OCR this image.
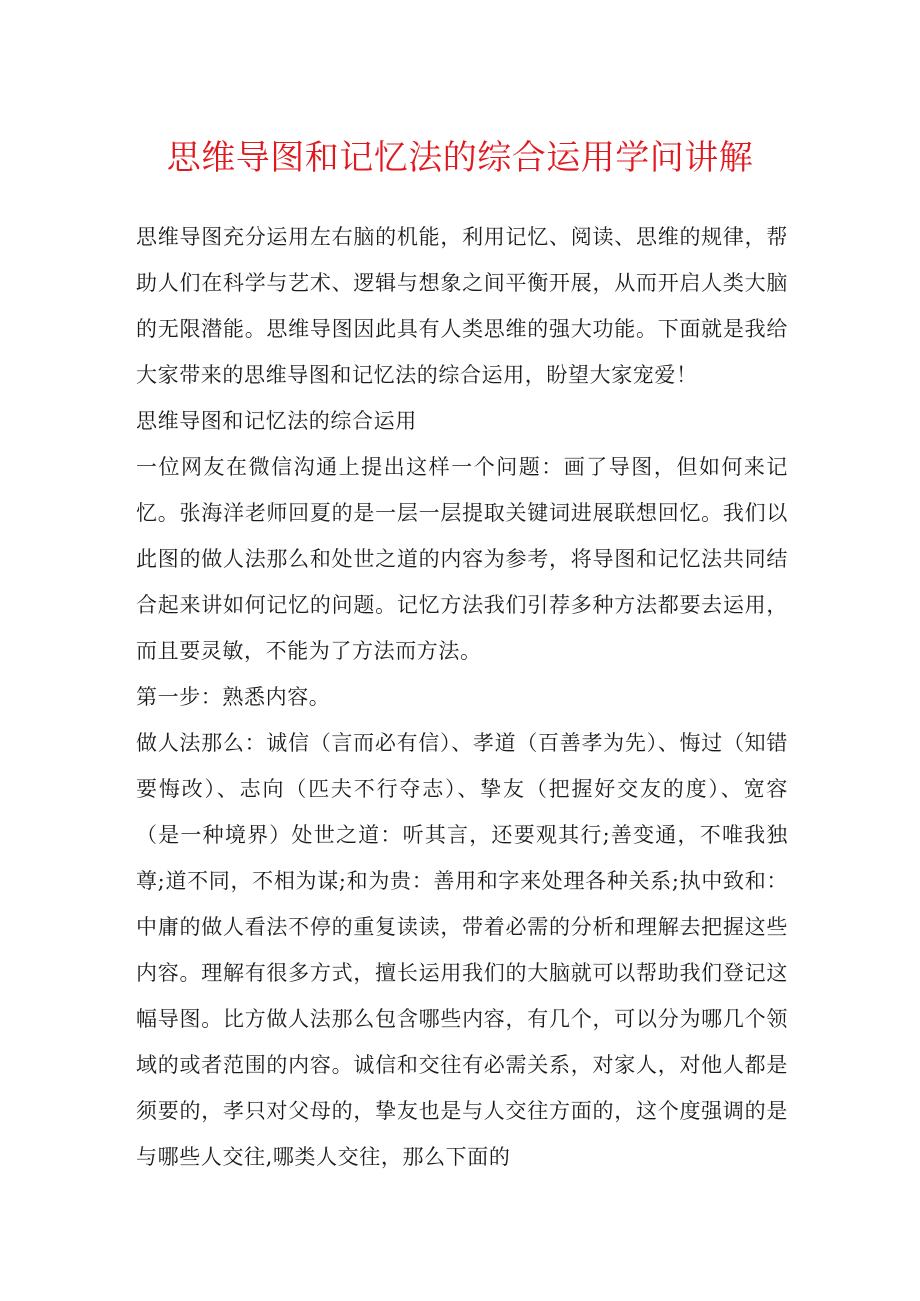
思维导图和记忆法的综合运用学问讲解

思维导图充分运用左右脑的机能，利用记忆、阅读、思维的规律，帮助人们在科学与艺术、逻辑与想象之间平衡开展，从而开启人类大脑的无限潜能。思维导图因此具有人类思维的强大功能。下面就是我给大家带来的思维导图和记忆法的综合运用，盼望大家宠爱！

思维导图和记忆法的综合运用

一位网友在微信沟通上提出这样一个问题：画了导图，但如何来记忆。张海洋老师回夏的是一层一层提取关键词进展联想回忆。我们以此图的做人法那么和处世之道的内容为参考，将导图和记忆法共同结合起来讲如何记忆的问题。记忆方法我们引荐多种方法都要去运用，而且要灵敏，不能为了方法而方法。

第一步：熟悉内容。

做人法那么：诚信（言而必有信）、孝道（百善孝为先）、悔过（知错要悔改）、志向（匹夫不行夺志）、挚友（把握好交友的度）、宽容（是一种境界）处世之道：听其言，还要观其行;善变通，不唯我独尊;道不同，不相为谋;和为贵：善用和字来处理各种关系;执中致和：中庸的做人看法不停的重复读读，带着必需的分析和理解去把握这些内容。理解有很多方式，擅长运用我们的大脑就可以帮助我们登记这幅导图。比方做人法那么包含哪些内容，有几个，可以分为哪几个领域的或者范围的内容。诚信和交往有必需关系，对家人，对他人都是须要的，孝只对父母的，挚友也是与人交往方面的，这个度强调的是与哪些人交往,哪类人交往，那么下面的
